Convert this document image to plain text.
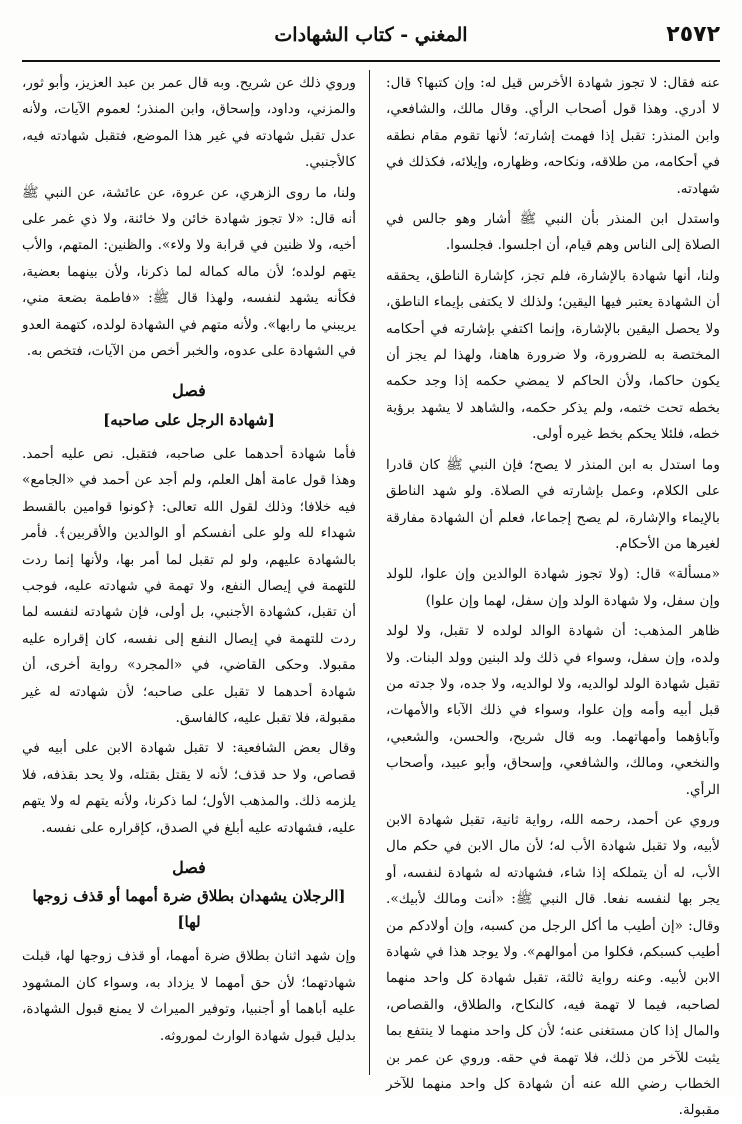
٢٥٧٢
المغني - كتاب الشهادات

عنه فقال: لا تجوز شهادة الأخرس قيل له: وإن كتبها؟ قال: لا أدري. وهذا قول أصحاب الرأي. وقال مالك، والشافعي، وابن المنذر: تقبل إذا فهمت إشارته؛ لأنها تقوم مقام نطقه في أحكامه، من طلاقه، ونكاحه، وظهاره، وإيلائه، فكذلك في شهادته.

واستدل ابن المنذر بأن النبي ﷺ أشار وهو جالس في الصلاة إلى الناس وهم قيام، أن اجلسوا. فجلسوا.

ولنا، أنها شهادة بالإشارة، فلم تجز، كإشارة الناطق، يحققه أن الشهادة يعتبر فيها اليقين؛ ولذلك لا يكتفى بإيماء الناطق، ولا يحصل اليقين بالإشارة، وإنما اكتفي بإشارته في أحكامه المختصة به للضرورة، ولا ضرورة هاهنا، ولهذا لم يجز أن يكون حاكما، ولأن الحاكم لا يمضي حكمه إذا وجد حكمه بخطه تحت ختمه، ولم يذكر حكمه، والشاهد لا يشهد برؤية خطه، فلئلا يحكم بخط غيره أولى.

وما استدل به ابن المنذر لا يصح؛ فإن النبي ﷺ كان قادرا على الكلام، وعمل بإشارته في الصلاة. ولو شهد الناطق بالإيماء والإشارة، لم يصح إجماعا، فعلم أن الشهادة مفارقة لغيرها من الأحكام.

«مسألة» قال: (ولا تجوز شهادة الوالدين وإن علوا، للولد وإن سفل، ولا شهادة الولد وإن سفل، لهما وإن علوا)

ظاهر المذهب: أن شهادة الوالد لولده لا تقبل، ولا لولد ولده، وإن سفل، وسواء في ذلك ولد البنين وولد البنات. ولا تقبل شهادة الولد لوالديه، ولا لوالديه، ولا جده، ولا جدته من قبل أبيه وأمه وإن علوا، وسواء في ذلك الآباء والأمهات، وآباؤهما وأمهاتهما. وبه قال شريح، والحسن، والشعبي، والنخعي، ومالك، والشافعي، وإسحاق، وأبو عبيد، وأصحاب الرأي.

وروي عن أحمد، رحمه الله، رواية ثانية، تقبل شهادة الابن لأبيه، ولا تقبل شهادة الأب له؛ لأن مال الابن في حكم مال الأب، له أن يتملكه إذا شاء، فشهادته له شهادة لنفسه، أو يجر بها لنفسه نفعا. قال النبي ﷺ: «أنت ومالك لأبيك». وقال: «إن أطيب ما أكل الرجل من كسبه، وإن أولادكم من أطيب كسبكم، فكلوا من أموالهم». ولا يوجد هذا في شهادة الابن لأبيه. وعنه رواية ثالثة، تقبل شهادة كل واحد منهما لصاحبه، فيما لا تهمة فيه، كالنكاح، والطلاق، والقصاص، والمال إذا كان مستغنى عنه؛ لأن كل واحد منهما لا ينتفع بما يثبت للآخر من ذلك، فلا تهمة في حقه. وروي عن عمر بن الخطاب رضي الله عنه أن شهادة كل واحد منهما للآخر مقبولة.

وروي ذلك عن شريح. وبه قال عمر بن عبد العزيز، وأبو ثور، والمزني، وداود، وإسحاق، وابن المنذر؛ لعموم الآيات، ولأنه عدل تقبل شهادته في غير هذا الموضع، فتقبل شهادته فيه، كالأجنبي.

ولنا، ما روى الزهري، عن عروة، عن عائشة، عن النبي ﷺ أنه قال: «لا تجوز شهادة خائن ولا خائنة، ولا ذي غمر على أخيه، ولا ظنين في قرابة ولا ولاء». والظنين: المتهم، والأب يتهم لولده؛ لأن ماله كماله لما ذكرنا، ولأن بينهما بعضية، فكأنه يشهد لنفسه، ولهذا قال ﷺ: «فاطمة بضعة مني، يريبني ما رابها». ولأنه متهم في الشهادة لولده، كتهمة العدو في الشهادة على عدوه، والخبر أخص من الآيات، فتخص به.

فصل
[ شهادة الرجل على صاحبه ]

فأما شهادة أحدهما على صاحبه، فتقبل. نص عليه أحمد. وهذا قول عامة أهل العلم، ولم أجد عن أحمد في «الجامع» فيه خلافا؛ وذلك لقول الله تعالى: ﴿كونوا قوامين بالقسط شهداء لله ولو على أنفسكم أو الوالدين والأقربين﴾. فأمر بالشهادة عليهم، ولو لم تقبل لما أمر بها، ولأنها إنما ردت للتهمة في إيصال النفع، ولا تهمة في شهادته عليه، فوجب أن تقبل، كشهادة الأجنبي، بل أولى، فإن شهادته لنفسه لما ردت للتهمة في إيصال النفع إلى نفسه، كان إقراره عليه مقبولا. وحكى القاضي، في «المجرد» رواية أخرى، أن شهادة أحدهما لا تقبل على صاحبه؛ لأن شهادته له غير مقبولة، فلا تقبل عليه، كالفاسق.

وقال بعض الشافعية: لا تقبل شهادة الابن على أبيه في قصاص، ولا حد قذف؛ لأنه لا يقتل بقتله، ولا يحد بقذفه، فلا يلزمه ذلك. والمذهب الأول؛ لما ذكرنا، ولأنه يتهم له ولا يتهم عليه، فشهادته عليه أبلغ في الصدق، كإقراره على نفسه.

فصل
[ الرجلان يشهدان بطلاق ضرة أمهما أو قذف زوجها لها ]

وإن شهد اثنان بطلاق ضرة أمهما، أو قذف زوجها لها، قبلت شهادتهما؛ لأن حق أمهما لا يزداد به، وسواء كان المشهود عليه أباهما أو أجنبيا، وتوفير الميراث لا يمنع قبول الشهادة، بدليل قبول شهادة الوارث لموروثه.
